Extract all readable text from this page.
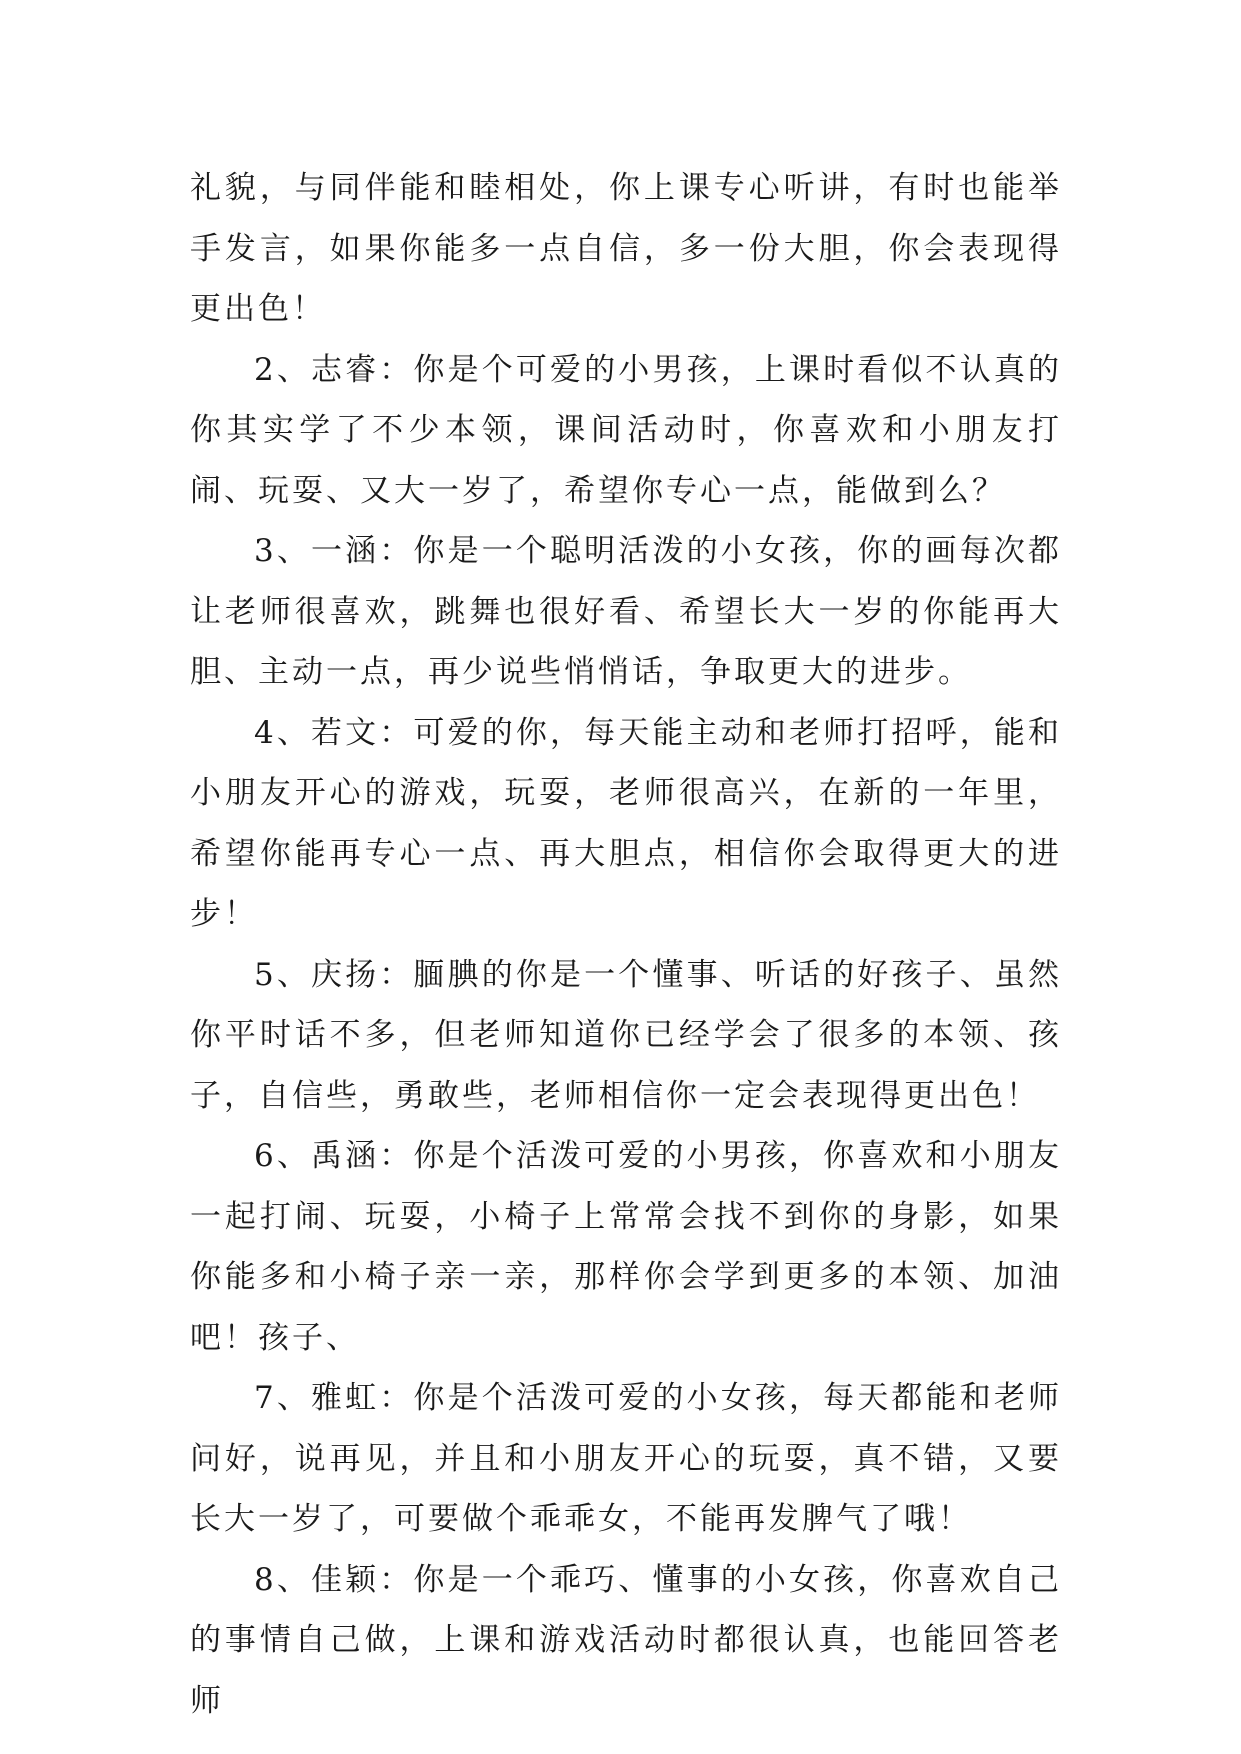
礼貌，与同伴能和睦相处，你上课专心听讲，有时也能举手发言，如果你能多一点自信，多一份大胆，你会表现得更出色！

2、志睿：你是个可爱的小男孩，上课时看似不认真的你其实学了不少本领，课间活动时，你喜欢和小朋友打闹、玩耍、又大一岁了，希望你专心一点，能做到么？

3、一涵：你是一个聪明活泼的小女孩，你的画每次都让老师很喜欢，跳舞也很好看、希望长大一岁的你能再大胆、主动一点，再少说些悄悄话，争取更大的进步。

4、若文：可爱的你，每天能主动和老师打招呼，能和小朋友开心的游戏，玩耍，老师很高兴，在新的一年里，希望你能再专心一点、再大胆点，相信你会取得更大的进步！

5、庆扬：腼腆的你是一个懂事、听话的好孩子、虽然你平时话不多，但老师知道你已经学会了很多的本领、孩子，自信些，勇敢些，老师相信你一定会表现得更出色！

6、禹涵：你是个活泼可爱的小男孩，你喜欢和小朋友一起打闹、玩耍，小椅子上常常会找不到你的身影，如果你能多和小椅子亲一亲，那样你会学到更多的本领、加油吧！孩子、

7、雅虹：你是个活泼可爱的小女孩，每天都能和老师问好，说再见，并且和小朋友开心的玩耍，真不错，又要长大一岁了，可要做个乖乖女，不能再发脾气了哦！

8、佳颖：你是一个乖巧、懂事的小女孩，你喜欢自己的事情自己做，上课和游戏活动时都很认真，也能回答老师
